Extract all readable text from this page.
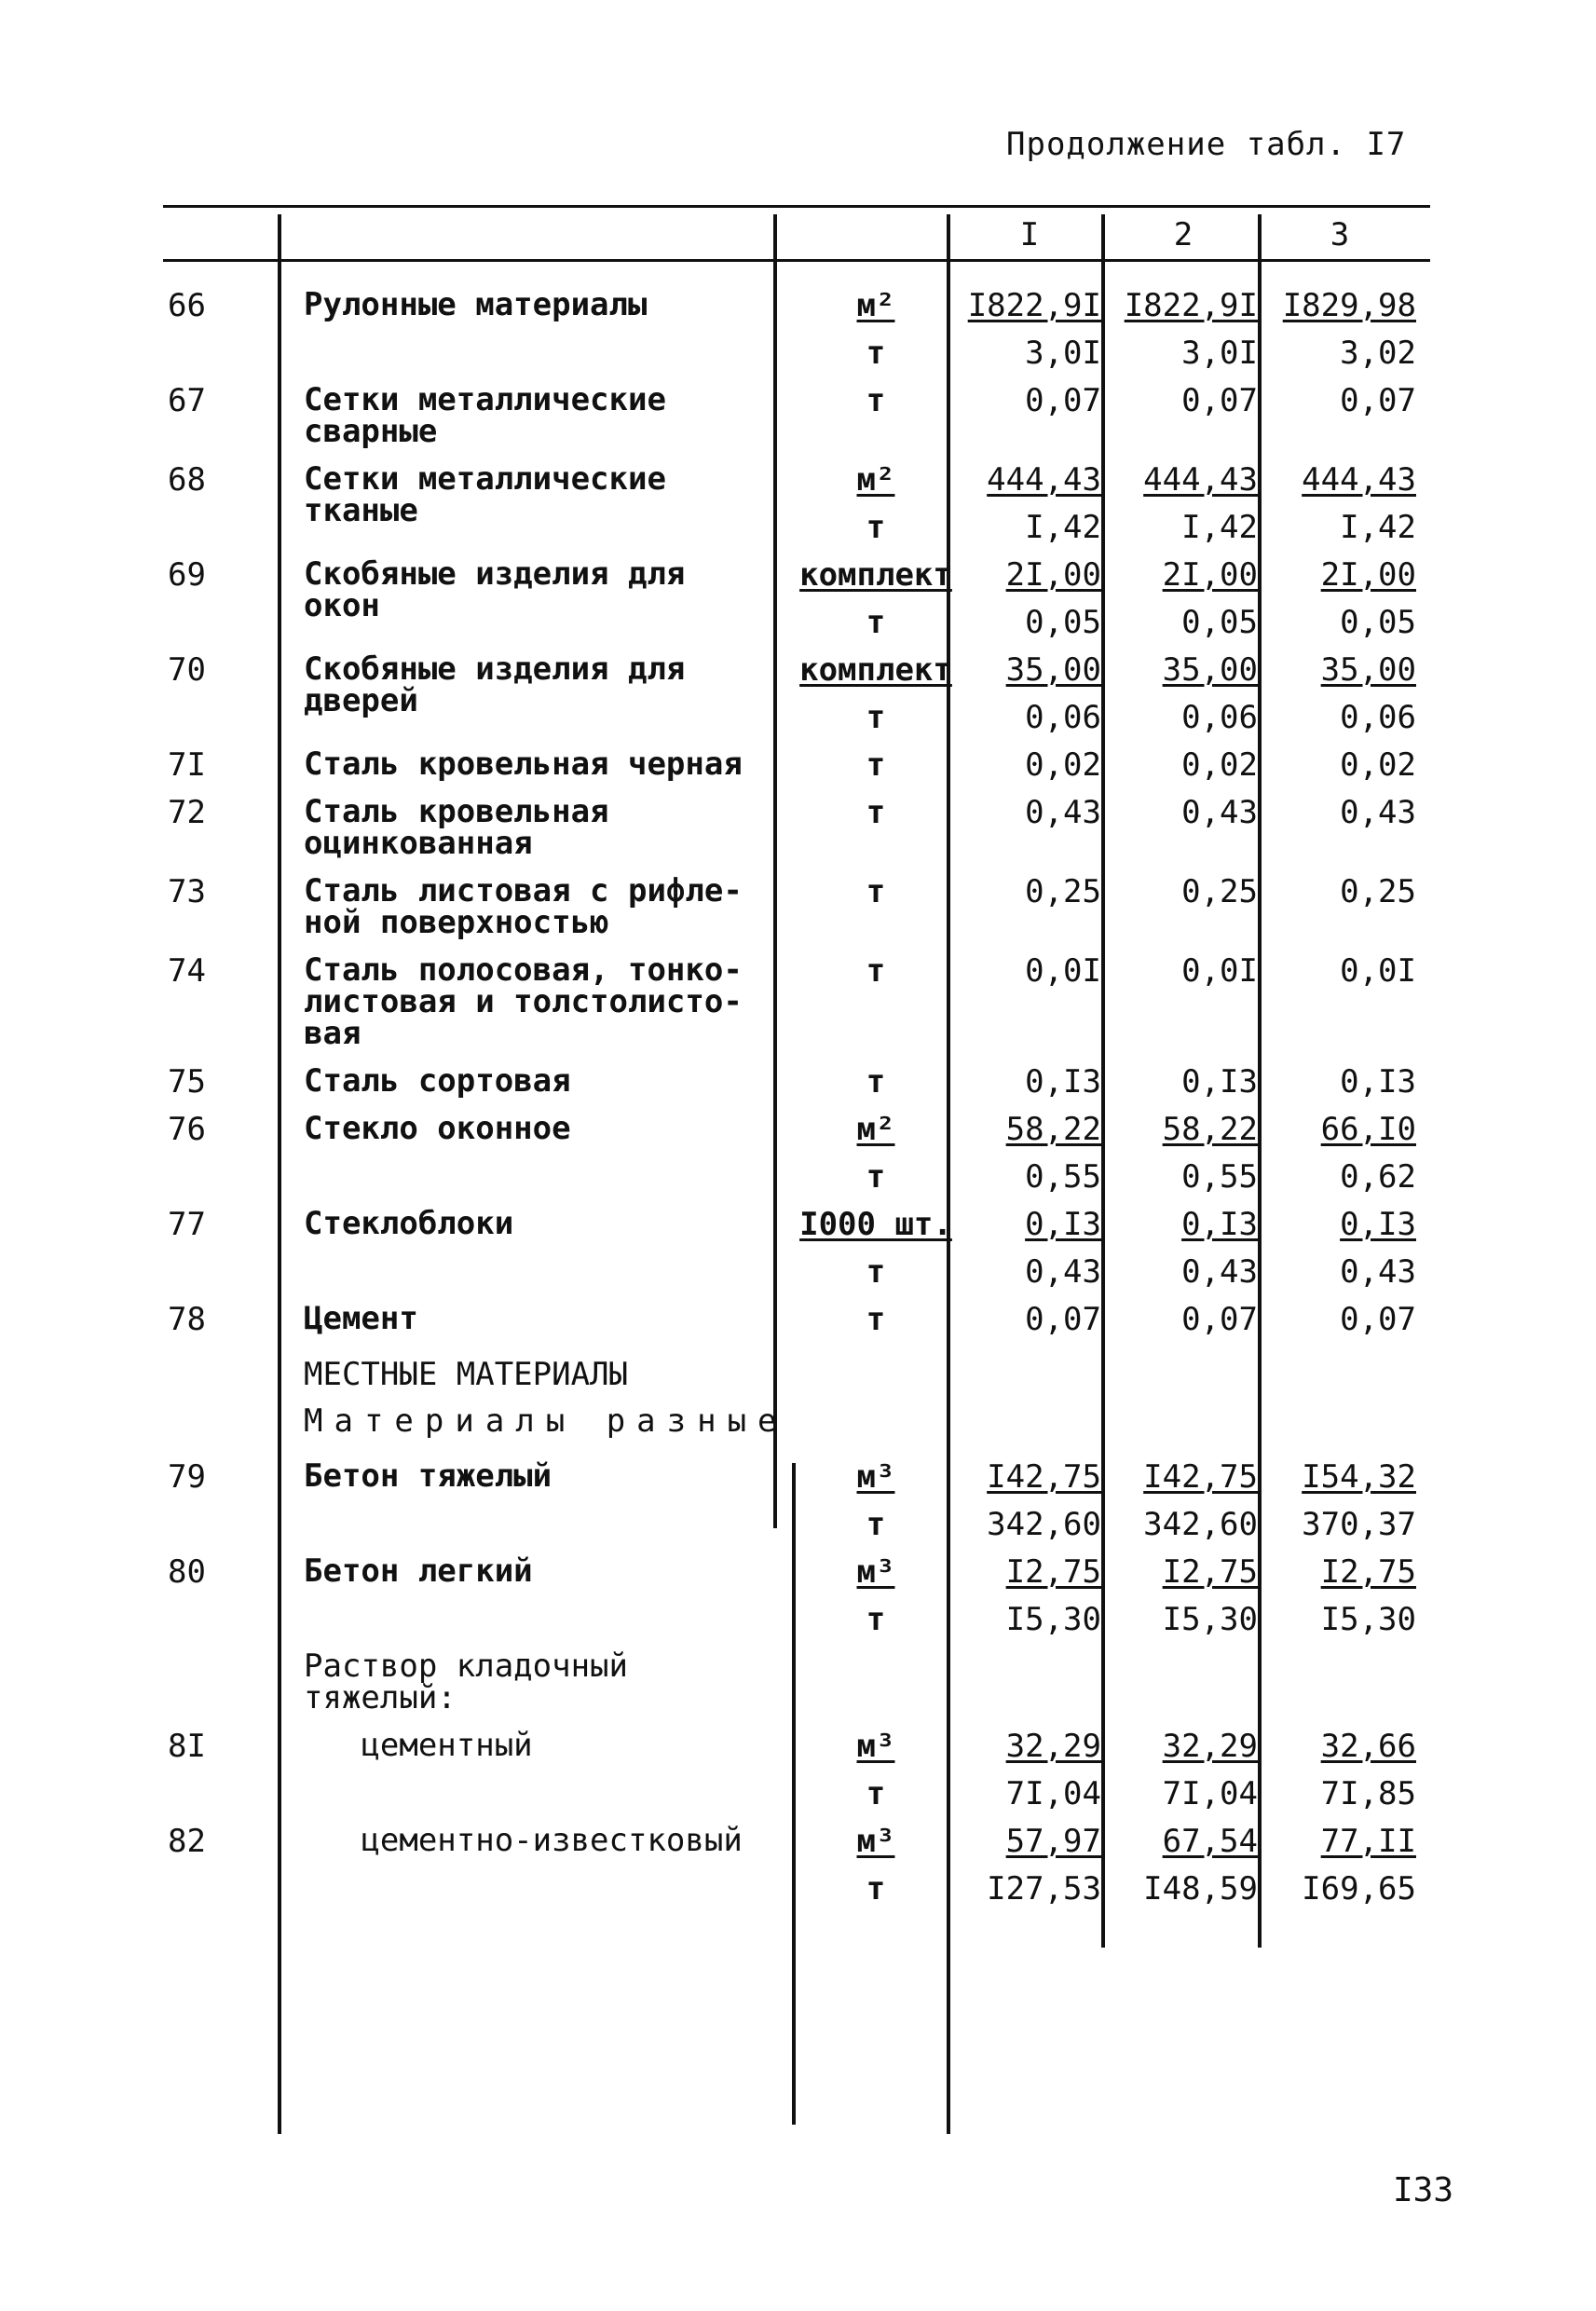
Продолжение табл. I7
I	2	3
66	Рулонные материалы	м²	I822,9I I822,9I I829,98
т	3,0I	3,0I	3,02
67	Сетки металлические
сварные
т	0,07	0,07	0,07
68	Сетки металлические
тканые
м²	444,43	444,43	444,43
т	I,42	I,42	I,42
69	Скобяные изделия для
окон
комплект	2I,00	2I,00	2I,00
т	0,05	0,05	0,05
70	Скобяные изделия для
дверей
комплект	35,00	35,00	35,00
т	0,06	0,06	0,06
7I	Сталь кровельная черная	т	0,02	0,02	0,02
72	Сталь кровельная
оцинкованная
т	0,43	0,43	0,43
73	Сталь листовая с рифле-
ной поверхностью
т	0,25	0,25	0,25
74	Сталь полосовая, тонко-
листовая и толстолисто-
вая
т	0,0I	0,0I	0,0I
75	Сталь сортовая	т	0,I3	0,I3	0,I3
76	Стекло оконное	м²	58,22	58,22	66,I0
т	0,55	0,55	0,62
77	Стеклоблоки	I000 шт.	0,I3	0,I3	0,I3
т	0,43	0,43	0,43
78	Цемент	т	0,07	0,07	0,07
МЕСТНЫЕ МАТЕРИАЛЫ
Материалы разные
79	Бетон тяжелый	м³	I42,75	I42,75	I54,32
т	342,60	342,60	370,37
80	Бетон легкий	м³	I2,75	I2,75	I2,75
т	I5,30	I5,30	I5,30
Раствор кладочный
тяжелый:
8I	цементный	м³	32,29	32,29	32,66
т	7I,04	7I,04	7I,85
82	цементно-известковый	м³	57,97	67,54	77,II
т	I27,53	I48,59	I69,65
I33
